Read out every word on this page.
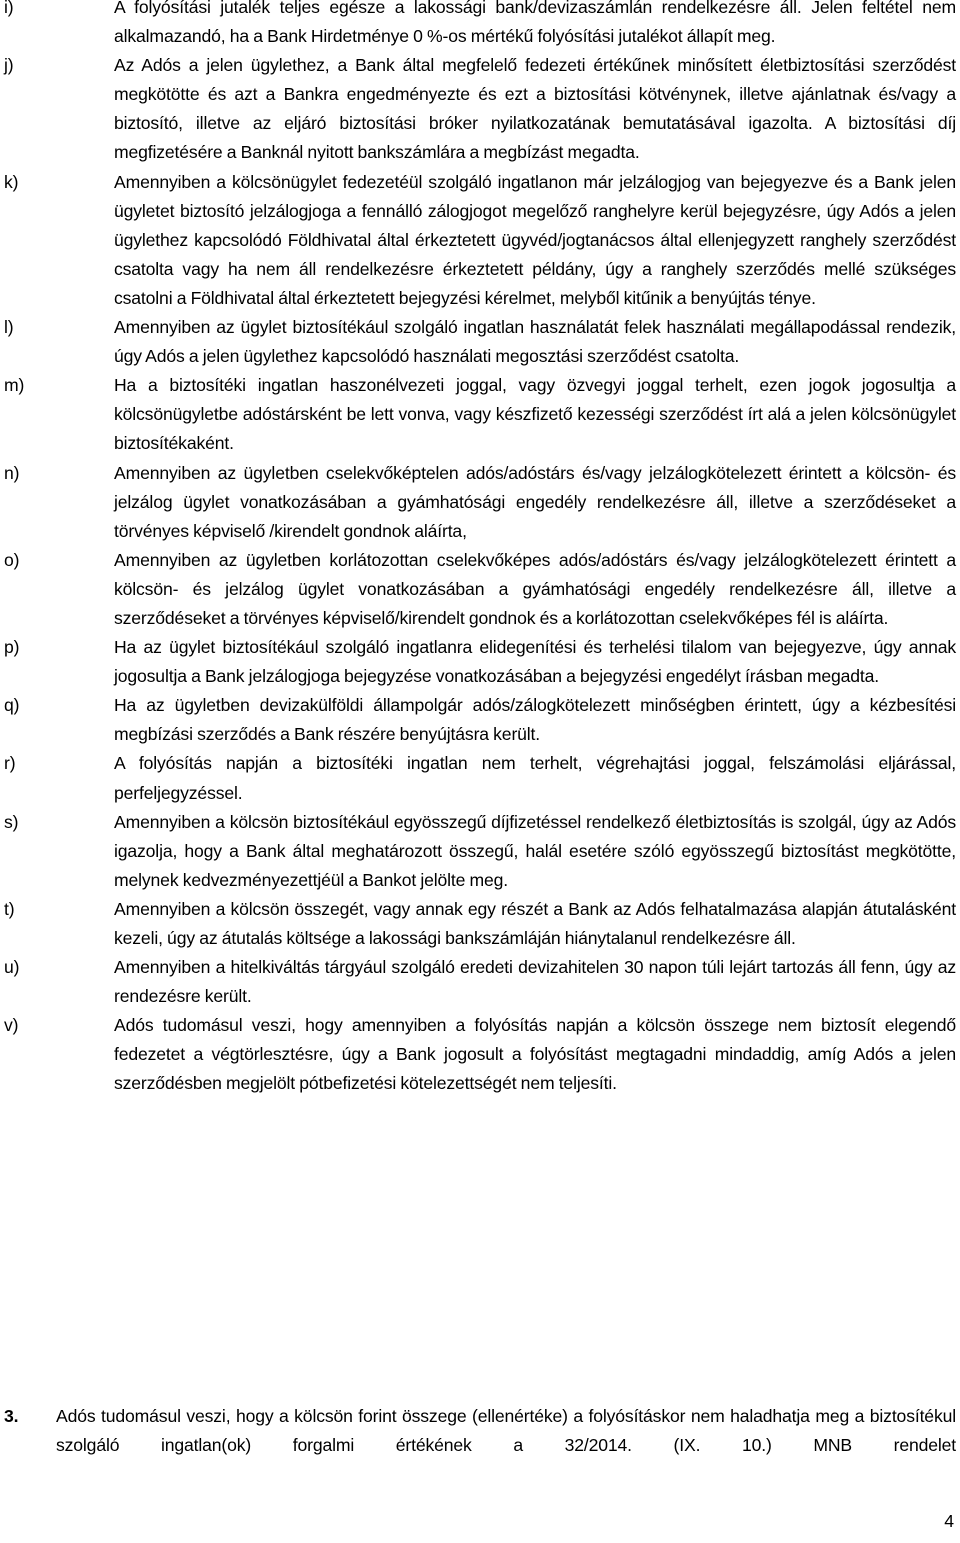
i)	A folyósítási jutalék teljes egésze a lakossági bank/devizaszámlán rendelkezésre áll. Jelen feltétel nem alkalmazandó, ha a Bank Hirdetménye 0 %-os mértékű folyósítási jutalékot állapít meg.
j)	Az Adós a jelen ügylethez, a Bank által megfelelő fedezeti értékűnek minősített életbiztosítási szerződést megkötötte és azt a Bankra engedményezte és ezt a biztosítási kötvénynek, illetve ajánlatnak és/vagy a biztosító, illetve az eljáró biztosítási bróker nyilatkozatának bemutatásával igazolta. A biztosítási díj megfizetésére a Banknál nyitott bankszámlára a megbízást megadta.
k)	Amennyiben a kölcsönügylet fedezetéül szolgáló ingatlanon már jelzálogjog van bejegyezve és a Bank jelen ügyletet biztosító jelzálogjoga a fennálló zálogjogot megelőző ranghelyre kerül bejegyzésre, úgy Adós a jelen ügylethez kapcsolódó Földhivatal által érkeztetett ügyvéd/jogtanácsos által ellenjegyzett ranghely szerződést csatolta vagy ha nem áll rendelkezésre érkeztetett példány, úgy a ranghely szerződés mellé szükséges csatolni a Földhivatal által érkeztetett bejegyzési kérelmet, melyből kitűnik a benyújtás ténye.
l)	Amennyiben az ügylet biztosítékául szolgáló ingatlan használatát felek használati megállapodással rendezik, úgy Adós a jelen ügylethez kapcsolódó használati megosztási szerződést csatolta.
m)	Ha a biztosítéki ingatlan haszonélvezeti joggal, vagy özvegyi joggal terhelt, ezen jogok jogosultja a kölcsönügyletbe adóstársként be lett vonva, vagy készfizető kezességi szerződést írt alá a jelen kölcsönügylet biztosítékaként.
n)	Amennyiben az ügyletben cselekvőképtelen adós/adóstárs és/vagy jelzálogkötelezett érintett a kölcsön- és jelzálog ügylet vonatkozásában a gyámhatósági engedély rendelkezésre áll, illetve a szerződéseket a törvényes képviselő /kirendelt gondnok aláírta,
o)	Amennyiben az ügyletben korlátozottan cselekvőképes adós/adóstárs és/vagy jelzálogkötelezett érintett a kölcsön- és jelzálog ügylet vonatkozásában a gyámhatósági engedély rendelkezésre áll, illetve a szerződéseket a törvényes képviselő/kirendelt gondnok és a korlátozottan cselekvőképes fél is aláírta.
p)	Ha az ügylet biztosítékául szolgáló ingatlanra elidegenítési és terhelési tilalom van bejegyezve, úgy annak jogosultja a Bank jelzálogjoga bejegyzése vonatkozásában a bejegyzési engedélyt írásban megadta.
q)	Ha az ügyletben devizakülföldi állampolgár adós/zálogkötelezett minőségben érintett, úgy a kézbesítési megbízási szerződés a Bank részére benyújtásra került.
r)	A folyósítás napján a biztosítéki ingatlan nem terhelt, végrehajtási joggal, felszámolási eljárással, perfeljegyzéssel.
s)	Amennyiben a kölcsön biztosítékául egyösszegű díjfizetéssel rendelkező életbiztosítás is szolgál, úgy az Adós igazolja, hogy a Bank által meghatározott összegű, halál esetére szóló egyösszegű biztosítást megkötötte, melynek kedvezményezettjéül a Bankot jelölte meg.
t)	Amennyiben a kölcsön összegét, vagy annak egy részét a Bank az Adós felhatalmazása alapján átutalásként kezeli, úgy az átutalás költsége a lakossági bankszámláján hiánytalanul rendelkezésre áll.
u)	Amennyiben a hitelkiváltás tárgyául szolgáló eredeti devizahitelen 30 napon túli lejárt tartozás áll fenn, úgy az rendezésre került.
v)	Adós tudomásul veszi, hogy amennyiben a folyósítás napján a kölcsön összege nem biztosít elegendő fedezetet a végtörlesztésre, úgy a Bank jogosult a folyósítást megtagadni mindaddig, amíg Adós a jelen szerződésben megjelölt pótbefizetési kötelezettségét nem teljesíti.
3. Adós tudomásul veszi, hogy a kölcsön forint összege (ellenértéke) a folyósításkor nem haladhatja meg a biztosítékul szolgáló ingatlan(ok) forgalmi értékének a 32/2014. (IX. 10.) MNB rendelet
4
